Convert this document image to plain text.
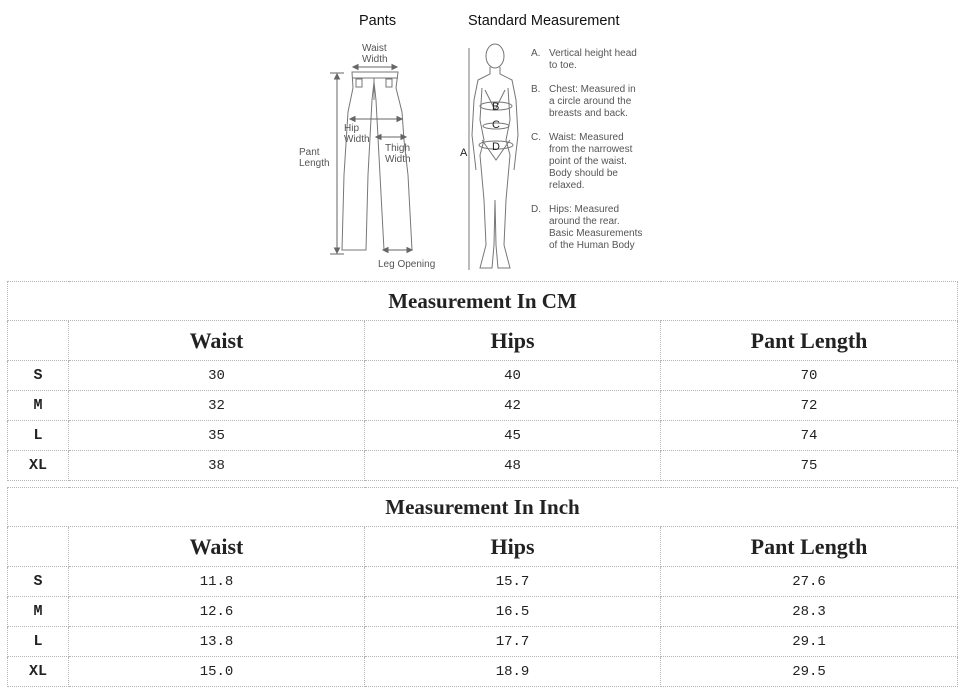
Pants	Standard Measurement
Waist
Width
Hip
Width
Pant
Length
Thigh
Width
Leg Opening
A
B
C
D
A. Vertical height head
to toe.
B. Chest: Measured in
a circle around the
breasts and back.
C. Waist: Measured
from the narrowest
point of the waist.
Body should be
relaxed.
D. Hips: Measured
around the rear.
Basic Measurements
of the Human Body
Measurement In CM			
	Waist	Hips	Pant Length
S	30	40	70
M	32	42	72
L	35	45	74
XL	38	48	75
Measurement In Inch			
	Waist	Hips	Pant Length
S	11.8	15.7	27.6
M	12.6	16.5	28.3
L	13.8	17.7	29.1
XL	15.0	18.9	29.5
